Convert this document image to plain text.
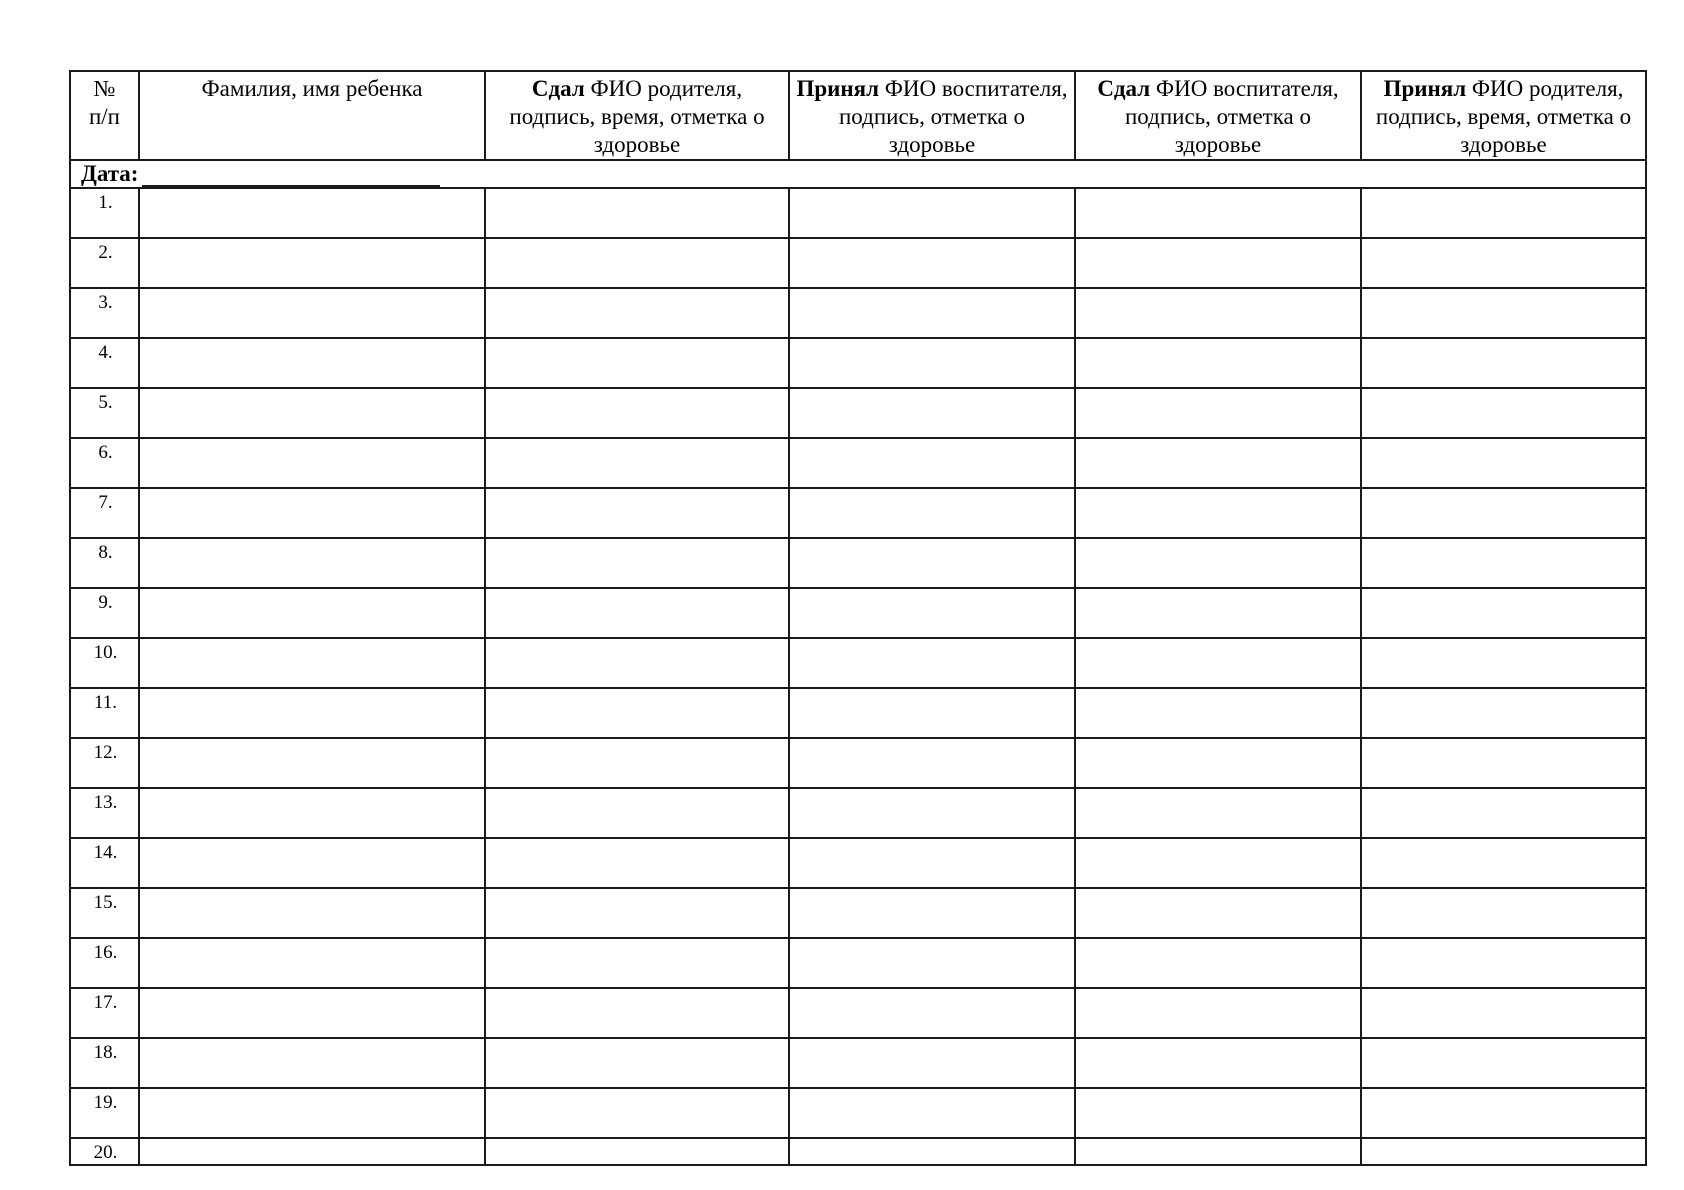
№ п/п	Фамилия, имя ребенка	Сдал ФИО родителя, подпись, время, отметка о здоровье	Принял ФИО воспитателя, подпись, отметка о здоровье	Сдал ФИО воспитателя, подпись, отметка о здоровье	Принял ФИО родителя, подпись, время, отметка о здоровье
Дата:					
1.					
2.					
3.					
4.					
5.					
6.					
7.					
8.					
9.					
10.					
11.					
12.					
13.					
14.					
15.					
16.					
17.					
18.					
19.					
20.					
